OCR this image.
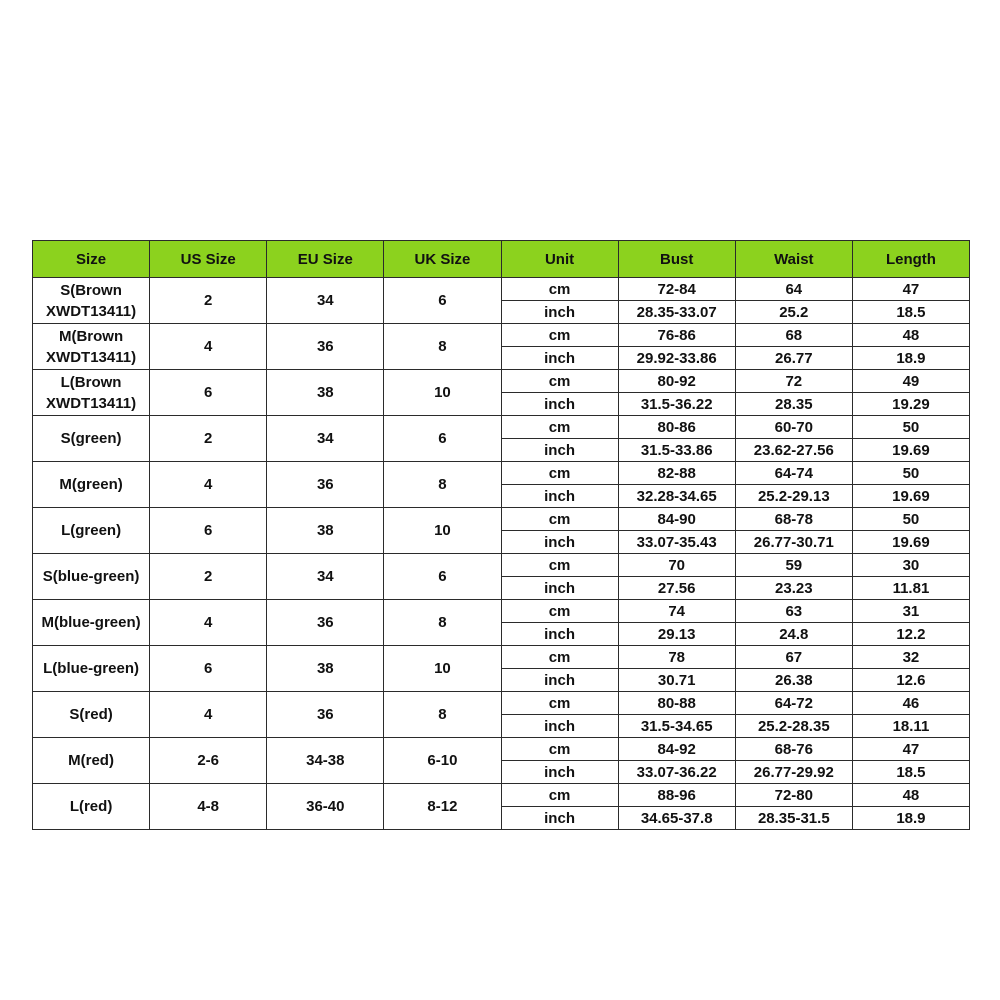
Size	US Size	EU Size	UK Size	Unit	Bust	Waist	Length
S(Brown XWDT13411)	2	34	6	cm	72-84	64	47
				inch	28.35-33.07	25.2	18.5
M(Brown XWDT13411)	4	36	8	cm	76-86	68	48
				inch	29.92-33.86	26.77	18.9
L(Brown XWDT13411)	6	38	10	cm	80-92	72	49
				inch	31.5-36.22	28.35	19.29
S(green)	2	34	6	cm	80-86	60-70	50
				inch	31.5-33.86	23.62-27.56	19.69
M(green)	4	36	8	cm	82-88	64-74	50
				inch	32.28-34.65	25.2-29.13	19.69
L(green)	6	38	10	cm	84-90	68-78	50
				inch	33.07-35.43	26.77-30.71	19.69
S(blue-green)	2	34	6	cm	70	59	30
				inch	27.56	23.23	11.81
M(blue-green)	4	36	8	cm	74	63	31
				inch	29.13	24.8	12.2
L(blue-green)	6	38	10	cm	78	67	32
				inch	30.71	26.38	12.6
S(red)	4	36	8	cm	80-88	64-72	46
				inch	31.5-34.65	25.2-28.35	18.11
M(red)	2-6	34-38	6-10	cm	84-92	68-76	47
				inch	33.07-36.22	26.77-29.92	18.5
L(red)	4-8	36-40	8-12	cm	88-96	72-80	48
				inch	34.65-37.8	28.35-31.5	18.9
